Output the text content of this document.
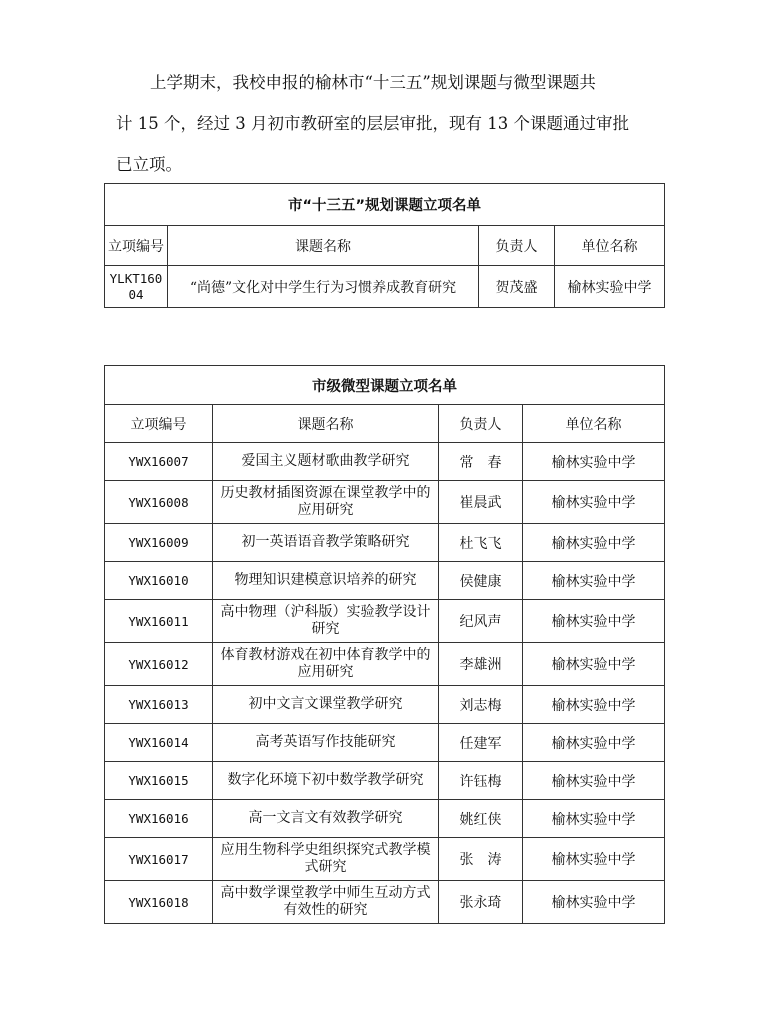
上学期末，我校申报的榆林市“十三五”规划课题与微型课题共

计 15 个，经过 3 月初市教研室的层层审批，现有 13 个课题通过审批

已立项。

市“十三五”规划课题立项名单			
立项编号	课题名称	负责人	单位名称
YLKT16004	“尚德”文化对中学生行为习惯养成教育研究	贺茂盛	榆林实验中学
市级微型课题立项名单			
立项编号	课题名称	负责人	单位名称
YWX16007	爱国主义题材歌曲教学研究	常　春	榆林实验中学
YWX16008	历史教材插图资源在课堂教学中的应用研究	崔晨武	榆林实验中学
YWX16009	初一英语语音教学策略研究	杜飞飞	榆林实验中学
YWX16010	物理知识建模意识培养的研究	侯健康	榆林实验中学
YWX16011	高中物理（沪科版）实验教学设计研究	纪风声	榆林实验中学
YWX16012	体育教材游戏在初中体育教学中的应用研究	李雄洲	榆林实验中学
YWX16013	初中文言文课堂教学研究	刘志梅	榆林实验中学
YWX16014	高考英语写作技能研究	任建军	榆林实验中学
YWX16015	数字化环境下初中数学教学研究	许钰梅	榆林实验中学
YWX16016	高一文言文有效教学研究	姚红侠	榆林实验中学
YWX16017	应用生物科学史组织探究式教学模式研究	张　涛	榆林实验中学
YWX16018	高中数学课堂教学中师生互动方式有效性的研究	张永琦	榆林实验中学
